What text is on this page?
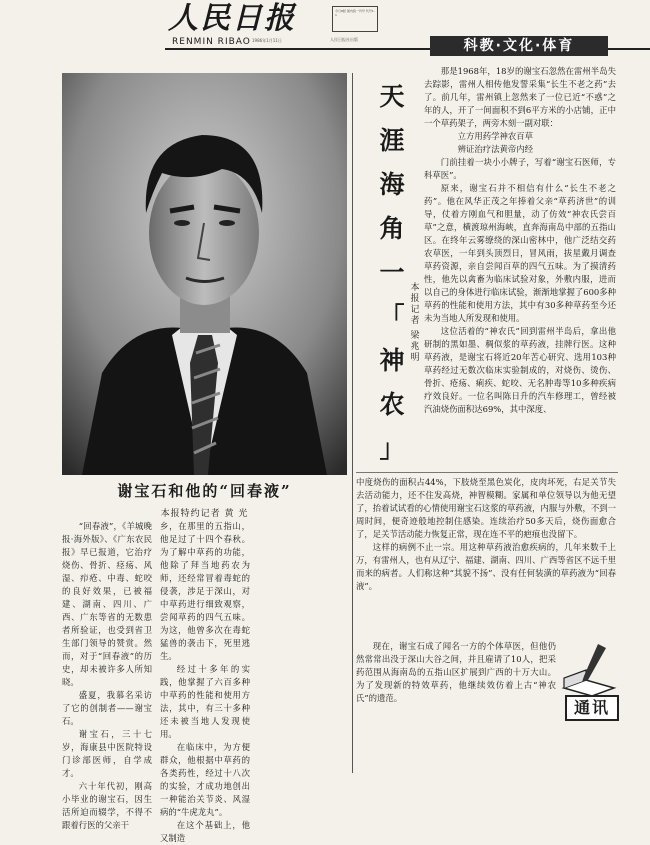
人民日报
RENMIN RIBAO 1986年1月11日
今日8版 国内统一刊号 代号1-1
人民日报社出版	科教·文化·体育
谢宝石和他的“回春液”
本报特约记者 黄 光
天
涯
海
角
一
「
神
农
」
本
报
记
者
梁
兆
明

那是1968年，18岁的谢宝石忽然在雷州半岛失去踪影，雷州人相传他发誓采集“长生不老之药”去了。前几年，雷州镇上忽然来了一位已近“不惑”之年的人，开了一间面积不到6平方米的小店铺，正中一个草药架子，两旁木刻一副对联：

立方用药学神农百草

辨证治疗法黄帝内经

门前挂着一块小小牌子，写着“谢宝石医师，专科草医”。

原来，谢宝石并不相信有什么“长生不老之药”。他在风华正茂之年捧着父亲“草药济世”的训导，仗着方刚血气和胆量，动了仿效“神农氏尝百草”之意，横渡琼州海峡，直奔海南岛中部的五指山区。在终年云雾缭绕的深山密林中，他广泛结交药农草医，一年到头顶烈日，冒风雨，拔星戴月调查草药资源，亲自尝闻百草的四气五味。为了摸清药性，他先以禽畜为临床试验对象，外敷内服，进而以自己的身体进行临床试验，渐渐地掌握了600多种草药的性能和使用方法，其中有30多种草药至今还未为当地人所发现和使用。

这位活着的“神农氏”回到雷州半岛后，拿出他研制的黑如墨、稠似浆的草药液，挂牌行医。这种草药液，是谢宝石将近20年苦心研究、选用103种草药经过无数次临床实验制成的，对烧伤、烫伤、骨折、疮疡、痢疾、蛇咬、无名肿毒等10多种疾病疗效良好。一位名叫陈日升的汽车修理工，曾经被汽油烧伤面积达69%，其中深度、

中度烧伤的面积占44%，下肢烧至黑色炭化，皮肉坏死，右足关节失去活动能力，还不住发高烧，神智模糊。家属和单位领导以为他无望了，抬着试试看的心情使用谢宝石这浆的草药液，内服与外敷，不到一周时间，便奇迹般地控制住感染。连续治疗50多天后，烧伤面愈合了，足关节活动能力恢复正常，现在连不平的疤痕也没留下。

这样的病例不止一宗。用这种草药液治愈疾病的，几年来数千上万，有雷州人，也有从辽宁、福建、湖南、四川、广西等省区不远千里而来的病者。人们称这种“其貌不扬”、没有任何装潢的草药液为“回春液”。

现在，谢宝石成了闻名一方的个体草医，但他仍然常常出没于深山大谷之间，并且雇请了10人，把采药范围从海南岛的五指山区扩展到广西的十万大山。为了发现新的特效草药，他继续效仿着上古“神农氏”的遗范。

“回春液”，《羊城晚报·海外版》、《广东农民报》早已报道，它治疗烧伤、骨折、痉疡、风湿、疖疮、中毒、蛇咬的良好效果，已被福建、湖南、四川、广西、广东等省的无数患者所验证，也受到省卫生部门领导的赞赏。然而，对于“回春液”的历史，却未被许多人所知晓。

盛夏，我慕名采访了它的创制者——谢宝石。

谢宝石，三十七岁，海康县中医院特设门诊部医师，自学成才。

六十年代初，刚高小毕业的谢宝石，因生活所迫而辍学，不得不跟着行医的父亲干

乡，在那里的五指山，他足过了十四个春秋。为了解中草药的功能，他除了拜当地药农为师，还经常冒着毒蛇的侵袭，涉足于深山，对中草药进行细致观察，尝闻草药的四气五味。为这，他曾多次在毒蛇猛兽的袭击下，死里逃生。

经过十多年的实践，他掌握了六百多种中草药的性能和使用方法，其中，有三十多种还未被当地人发现使用。

在临床中，为方便群众，他根据中草药的各类药性，经过十八次的实验，才成功地创出一种能治关节炎、风湿病的“牛虎龙丸”。

在这个基础上，他又制造

通讯
